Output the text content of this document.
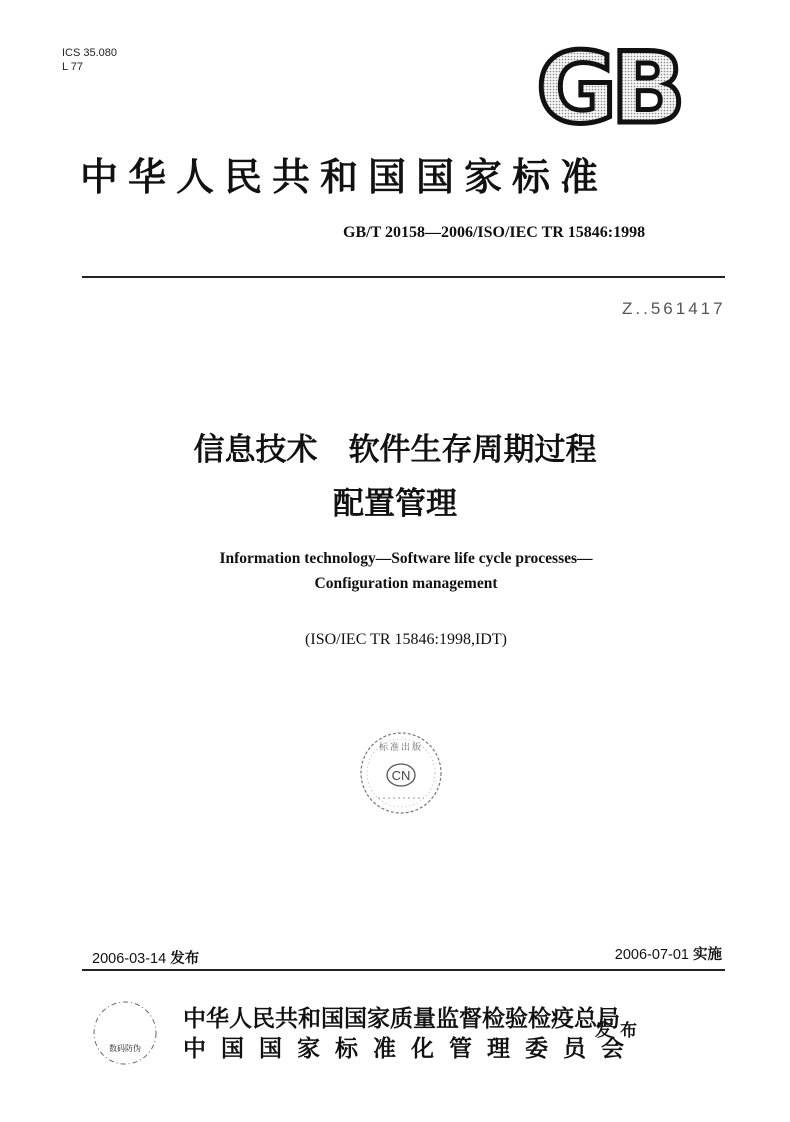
ICS 35.080
L 77	GB
中华人民共和国国家标准
GB/T 20158—2006/ISO/IEC TR 15846:1998
Z..561417
信息技术　软件生存周期过程
配置管理
Information technology—Software life cycle processes—
Configuration management
(ISO/IEC TR 15846:1998,IDT)
CN
标准出版
2006-03-14 发布	2006-07-01 实施
数码防伪
中华人民共和国国家质量监督检验检疫总局
中国国家标准化管理委员会
发布
